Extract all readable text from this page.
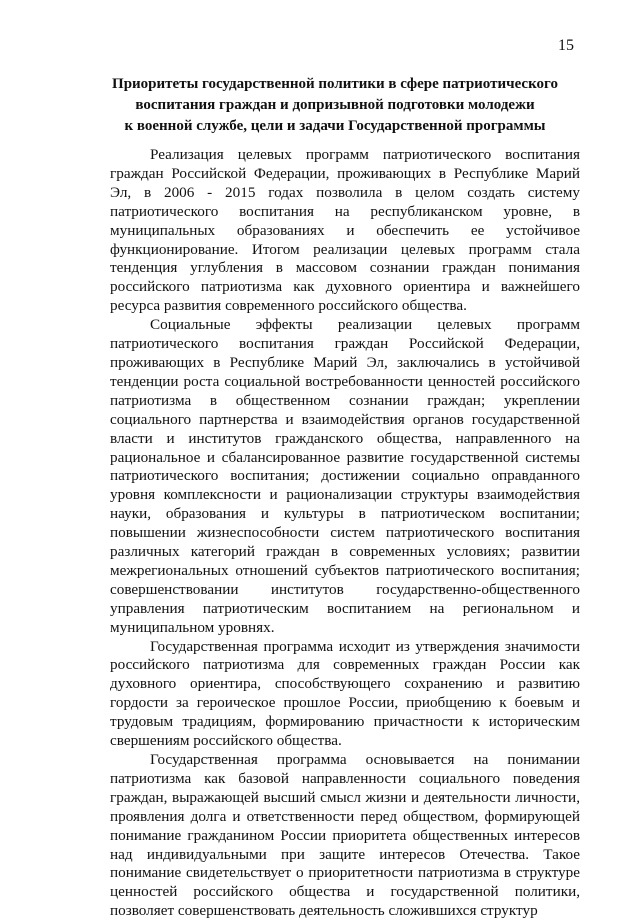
15
Приоритеты государственной политики в сфере патриотического
воспитания граждан и допризывной подготовки молодежи
к военной службе, цели и задачи Государственной программы

Реализация целевых программ патриотического воспитания граждан Российской Федерации, проживающих в Республике Марий Эл, в 2006 - 2015 годах позволила в целом создать систему патриотического воспитания на республиканском уровне, в муниципальных образованиях и обеспечить ее устойчивое функционирование. Итогом реализации целевых программ стала тенденция углубления в массовом сознании граждан понимания российского патриотизма как духовного ориентира и важнейшего ресурса развития современного российского общества.

Социальные эффекты реализации целевых программ патриотического воспитания граждан Российской Федерации, проживающих в Республике Марий Эл, заключались в устойчивой тенденции роста социальной востребованности ценностей российского патриотизма в общественном сознании граждан; укреплении социального партнерства и взаимодействия органов государственной власти и институтов гражданского общества, направленного на рациональное и сбалансированное развитие государственной системы патриотического воспитания; достижении социально оправданного уровня комплексности и рационализации структуры взаимодействия науки, образования и культуры в патриотическом воспитании; повышении жизнеспособности систем патриотического воспитания различных категорий граждан в современных условиях; развитии межрегиональных отношений субъектов патриотического воспитания; совершенствовании институтов государственно-общественного управления патриотическим воспитанием на региональном и муниципальном уровнях.

Государственная программа исходит из утверждения значимости российского патриотизма для современных граждан России как духовного ориентира, способствующего сохранению и развитию гордости за героическое прошлое России, приобщению к боевым и трудовым традициям, формированию причастности к историческим свершениям российского общества.

Государственная программа основывается на понимании патриотизма как базовой направленности социального поведения граждан, выражающей высший смысл жизни и деятельности личности, проявления долга и ответственности перед обществом, формирующей понимание гражданином России приоритета общественных интересов над индивидуальными при защите интересов Отечества. Такое понимание свидетельствует о приоритетности патриотизма в структуре ценностей российского общества и государственной политики, позволяет совершенствовать деятельность сложившихся структур
